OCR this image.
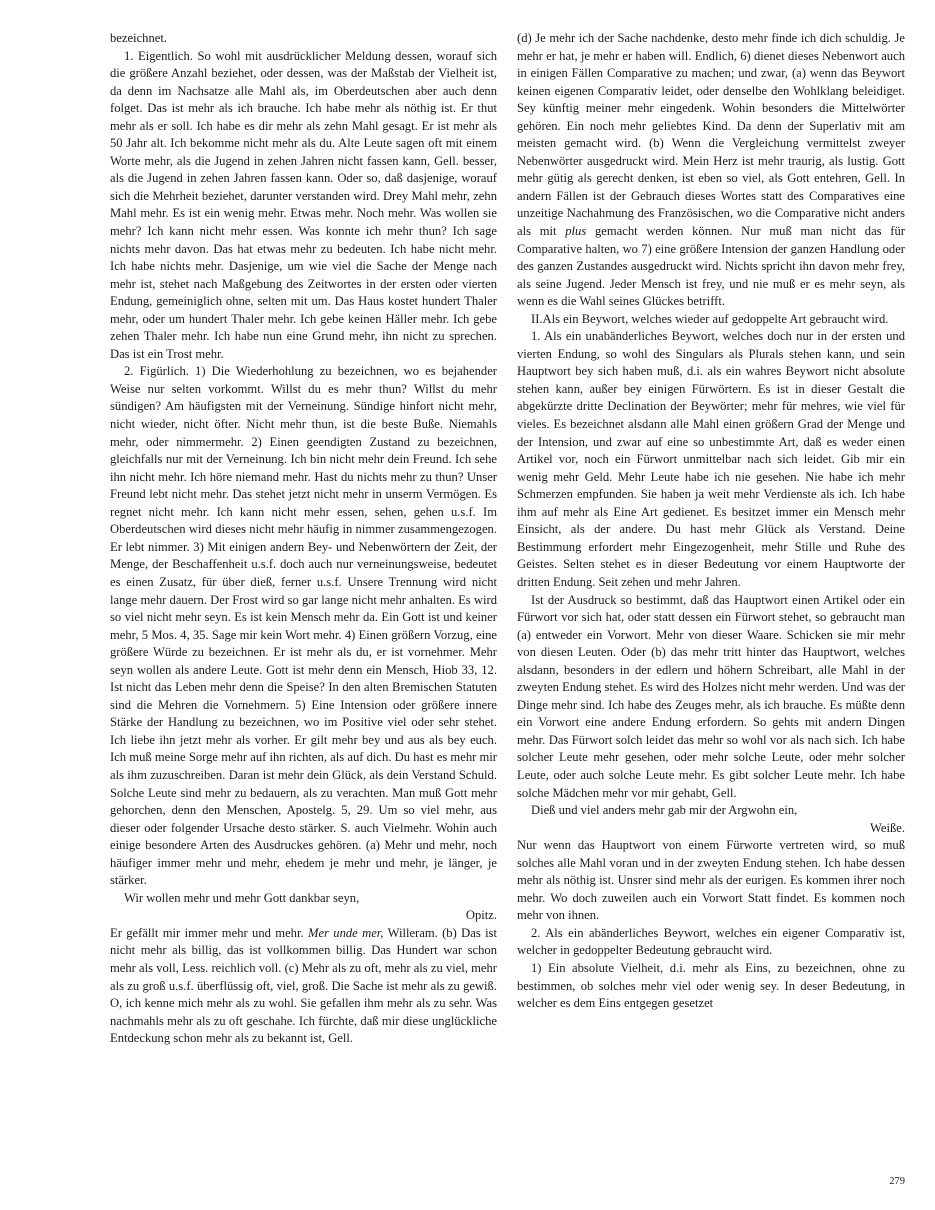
bezeichnet.

1. Eigentlich. So wohl mit ausdrücklicher Meldung dessen, worauf sich die größere Anzahl beziehet, oder dessen, was der Maßstab der Vielheit ist, da denn im Nachsatze alle Mahl als, im Oberdeutschen aber auch denn folget. Das ist mehr als ich brauche. Ich habe mehr als nöthig ist. Er thut mehr als er soll. Ich habe es dir mehr als zehn Mahl gesagt. Er ist mehr als 50 Jahr alt. Ich bekomme nicht mehr als du. Alte Leute sagen oft mit einem Worte mehr, als die Jugend in zehen Jahren nicht fassen kann, Gell. besser, als die Jugend in zehen Jahren fassen kann. Oder so, daß dasjenige, worauf sich die Mehrheit beziehet, darunter verstanden wird. Drey Mahl mehr, zehn Mahl mehr. Es ist ein wenig mehr. Etwas mehr. Noch mehr. Was wollen sie mehr? Ich kann nicht mehr essen. Was konnte ich mehr thun? Ich sage nichts mehr davon. Das hat etwas mehr zu bedeuten. Ich habe nicht mehr. Ich habe nichts mehr. Dasjenige, um wie viel die Sache der Menge nach mehr ist, stehet nach Maßgebung des Zeitwortes in der ersten oder vierten Endung, gemeiniglich ohne, selten mit um. Das Haus kostet hundert Thaler mehr, oder um hundert Thaler mehr. Ich gebe keinen Häller mehr. Ich gebe zehen Thaler mehr. Ich habe nun eine Grund mehr, ihn nicht zu sprechen. Das ist ein Trost mehr.

2. Figürlich. 1) Die Wiederhohlung zu bezeichnen, wo es bejahender Weise nur selten vorkommt. Willst du es mehr thun? Willst du mehr sündigen? Am häufigsten mit der Verneinung. Sündige hinfort nicht mehr, nicht wieder, nicht öfter. Nicht mehr thun, ist die beste Buße. Niemahls mehr, oder nimmermehr. 2) Einen geendigten Zustand zu bezeichnen, gleichfalls nur mit der Verneinung. Ich bin nicht mehr dein Freund. Ich sehe ihn nicht mehr. Ich höre niemand mehr. Hast du nichts mehr zu thun? Unser Freund lebt nicht mehr. Das stehet jetzt nicht mehr in unserm Vermögen. Es regnet nicht mehr. Ich kann nicht mehr essen, sehen, gehen u.s.f. Im Oberdeutschen wird dieses nicht mehr häufig in nimmer zusammengezogen. Er lebt nimmer. 3) Mit einigen andern Bey- und Nebenwörtern der Zeit, der Menge, der Beschaffenheit u.s.f. doch auch nur verneinungsweise, bedeutet es einen Zusatz, für über dieß, ferner u.s.f. Unsere Trennung wird nicht lange mehr dauern. Der Frost wird so gar lange nicht mehr anhalten. Es wird so viel nicht mehr seyn. Es ist kein Mensch mehr da. Ein Gott ist und keiner mehr, 5 Mos. 4, 35. Sage mir kein Wort mehr. 4) Einen größern Vorzug, eine größere Würde zu bezeichnen. Er ist mehr als du, er ist vornehmer. Mehr seyn wollen als andere Leute. Gott ist mehr denn ein Mensch, Hiob 33, 12. Ist nicht das Leben mehr denn die Speise? In den alten Bremischen Statuten sind die Mehren die Vornehmern. 5) Eine Intension oder größere innere Stärke der Handlung zu bezeichnen, wo im Positive viel oder sehr stehet. Ich liebe ihn jetzt mehr als vorher. Er gilt mehr bey und aus als bey euch. Ich muß meine Sorge mehr auf ihn richten, als auf dich. Du hast es mehr mir als ihm zuzuschreiben. Daran ist mehr dein Glück, als dein Verstand Schuld. Solche Leute sind mehr zu bedauern, als zu verachten. Man muß Gott mehr gehorchen, denn den Menschen, Apostelg. 5, 29. Um so viel mehr, aus dieser oder folgender Ursache desto stärker. S. auch Vielmehr. Wohin auch einige besondere Arten des Ausdruckes gehören. (a) Mehr und mehr, noch häufiger immer mehr und mehr, ehedem je mehr und mehr, je länger, je stärker.

Wir wollen mehr und mehr Gott dankbar seyn,

Opitz.

Er gefällt mir immer mehr und mehr. Mer unde mer, Willeram. (b) Das ist nicht mehr als billig, das ist vollkommen billig. Das Hundert war schon mehr als voll, Less. reichlich voll. (c) Mehr als zu oft, mehr als zu viel, mehr als zu groß u.s.f. überflüssig oft, viel, groß. Die Sache ist mehr als zu gewiß. O, ich kenne mich mehr als zu wohl. Sie gefallen ihm mehr als zu sehr. Was nachmahls mehr als zu oft geschahe. Ich fürchte, daß mir diese unglückliche Entdeckung schon mehr als zu bekannt ist, Gell.

(d) Je mehr ich der Sache nachdenke, desto mehr finde ich dich schuldig. Je mehr er hat, je mehr er haben will. Endlich, 6) dienet dieses Nebenwort auch in einigen Fällen Comparative zu machen; und zwar, (a) wenn das Beywort keinen eigenen Comparativ leidet, oder denselbe den Wohlklang beleidiget. Sey künftig meiner mehr eingedenk. Wohin besonders die Mittelwörter gehören. Ein noch mehr geliebtes Kind. Da denn der Superlativ mit am meisten gemacht wird. (b) Wenn die Vergleichung vermittelst zweyer Nebenwörter ausgedruckt wird. Mein Herz ist mehr traurig, als lustig. Gott mehr gütig als gerecht denken, ist eben so viel, als Gott entehren, Gell. In andern Fällen ist der Gebrauch dieses Wortes statt des Comparatives eine unzeitige Nachahmung des Französischen, wo die Comparative nicht anders als mit plus gemacht werden können. Nur muß man nicht das für Comparative halten, wo 7) eine größere Intension der ganzen Handlung oder des ganzen Zustandes ausgedruckt wird. Nichts spricht ihn davon mehr frey, als seine Jugend. Jeder Mensch ist frey, und nie muß er es mehr seyn, als wenn es die Wahl seines Glückes betrifft.

II.Als ein Beywort, welches wieder auf gedoppelte Art gebraucht wird.

1. Als ein unabänderliches Beywort, welches doch nur in der ersten und vierten Endung, so wohl des Singulars als Plurals stehen kann, und sein Hauptwort bey sich haben muß, d.i. als ein wahres Beywort nicht absolute stehen kann, außer bey einigen Fürwörtern. Es ist in dieser Gestalt die abgekürzte dritte Declination der Beywörter; mehr für mehres, wie viel für vieles. Es bezeichnet alsdann alle Mahl einen größern Grad der Menge und der Intension, und zwar auf eine so unbestimmte Art, daß es weder einen Artikel vor, noch ein Fürwort unmittelbar nach sich leidet. Gib mir ein wenig mehr Geld. Mehr Leute habe ich nie gesehen. Nie habe ich mehr Schmerzen empfunden. Sie haben ja weit mehr Verdienste als ich. Ich habe ihm auf mehr als Eine Art gedienet. Es besitzet immer ein Mensch mehr Einsicht, als der andere. Du hast mehr Glück als Verstand. Deine Bestimmung erfordert mehr Eingezogenheit, mehr Stille und Ruhe des Geistes. Selten stehet es in dieser Bedeutung vor einem Hauptworte der dritten Endung. Seit zehen und mehr Jahren.

Ist der Ausdruck so bestimmt, daß das Hauptwort einen Artikel oder ein Fürwort vor sich hat, oder statt dessen ein Fürwort stehet, so gebraucht man (a) entweder ein Vorwort. Mehr von dieser Waare. Schicken sie mir mehr von diesen Leuten. Oder (b) das mehr tritt hinter das Hauptwort, welches alsdann, besonders in der edlern und höhern Schreibart, alle Mahl in der zweyten Endung stehet. Es wird des Holzes nicht mehr werden. Und was der Dinge mehr sind. Ich habe des Zeuges mehr, als ich brauche. Es müßte denn ein Vorwort eine andere Endung erfordern. So gehts mit andern Dingen mehr. Das Fürwort solch leidet das mehr so wohl vor als nach sich. Ich habe solcher Leute mehr gesehen, oder mehr solche Leute, oder mehr solcher Leute, oder auch solche Leute mehr. Es gibt solcher Leute mehr. Ich habe solche Mädchen mehr vor mir gehabt, Gell.

Dieß und viel anders mehr gab mir der Argwohn ein,

Weiße.

Nur wenn das Hauptwort von einem Fürworte vertreten wird, so muß solches alle Mahl voran und in der zweyten Endung stehen. Ich habe dessen mehr als nöthig ist. Unsrer sind mehr als der eurigen. Es kommen ihrer noch mehr. Wo doch zuweilen auch ein Vorwort Statt findet. Es kommen noch mehr von ihnen.

2. Als ein abänderliches Beywort, welches ein eigener Comparativ ist, welcher in gedoppelter Bedeutung gebraucht wird.

1) Ein absolute Vielheit, d.i. mehr als Eins, zu bezeichnen, ohne zu bestimmen, ob solches mehr viel oder wenig sey. In deser Bedeutung, in welcher es dem Eins entgegen gesetzet

279
